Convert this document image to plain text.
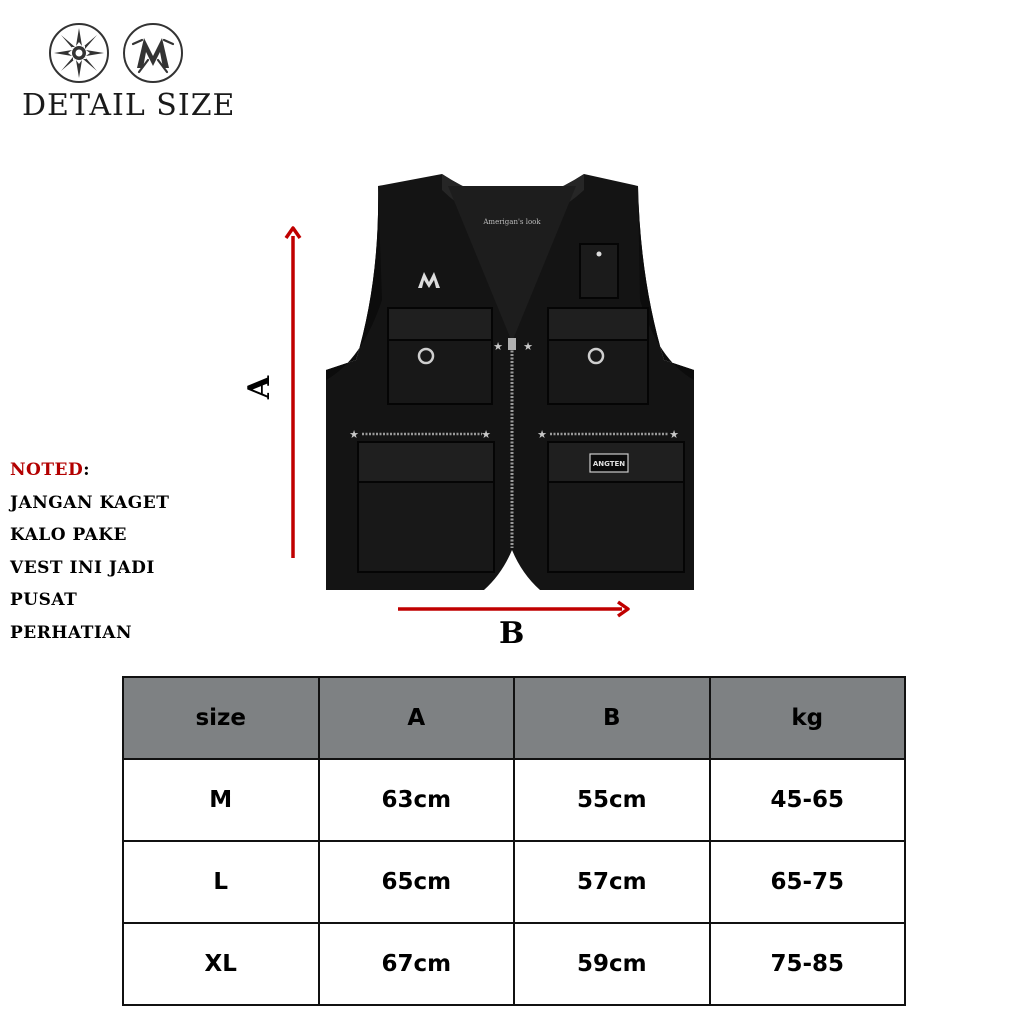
DETAIL SIZE
A
B
Amerigan's look
★ ★
★	★	★	★
ANGTEN
NOTED:
JANGAN KAGET
KALO PAKE
VEST INI JADI
PUSAT
PERHATIAN
size	A	B	kg
M	63cm	55cm	45-65
L	65cm	57cm	65-75
XL	67cm	59cm	75-85
